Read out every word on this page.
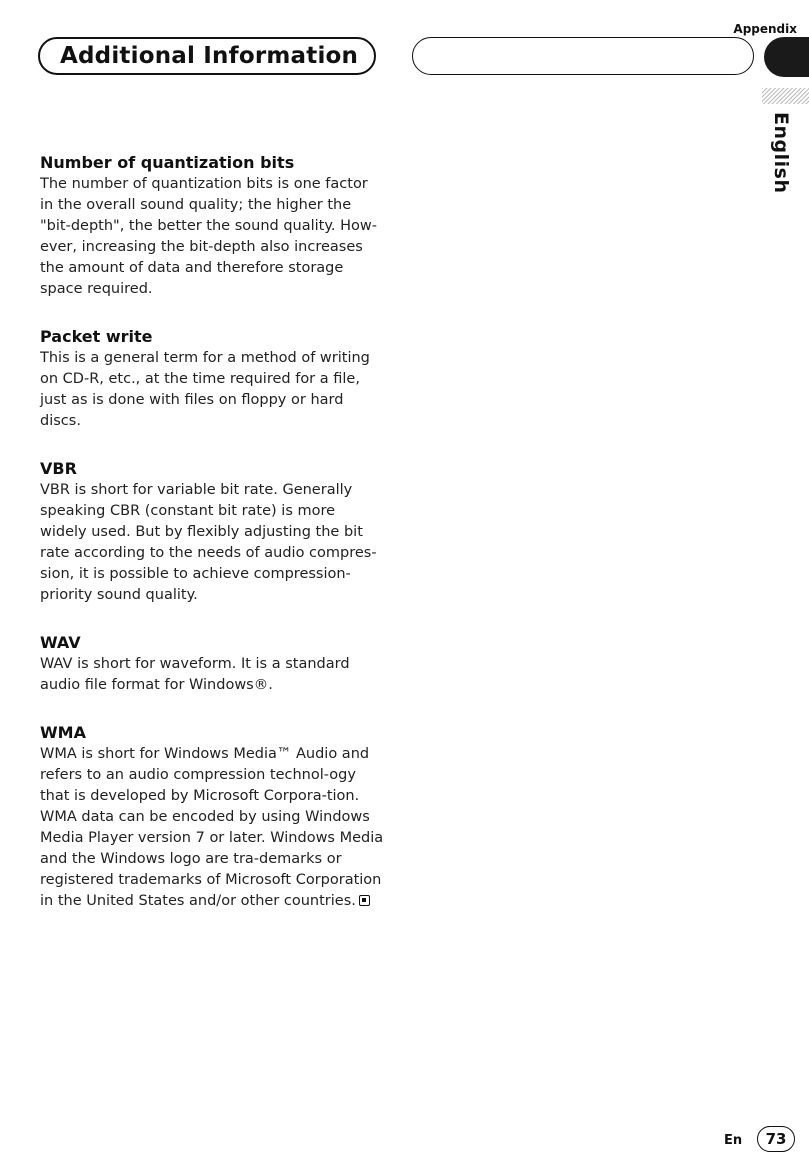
Appendix
Additional Information
English
Number of quantization bits
The number of quantization bits is one factor in the overall sound quality; the higher the "bit-depth", the better the sound quality. How-ever, increasing the bit-depth also increases the amount of data and therefore storage space required.
Packet write
This is a general term for a method of writing on CD-R, etc., at the time required for a file, just as is done with files on floppy or hard discs.
VBR
VBR is short for variable bit rate. Generally speaking CBR (constant bit rate) is more widely used. But by flexibly adjusting the bit rate according to the needs of audio compres-sion, it is possible to achieve compression-priority sound quality.
WAV
WAV is short for waveform. It is a standard audio file format for Windows®.
WMA
WMA is short for Windows Media™ Audio and refers to an audio compression technol-ogy that is developed by Microsoft Corpora-tion. WMA data can be encoded by using Windows Media Player version 7 or later. Windows Media and the Windows logo are tra-demarks or registered trademarks of Microsoft Corporation in the United States and/or other countries.
En	73
